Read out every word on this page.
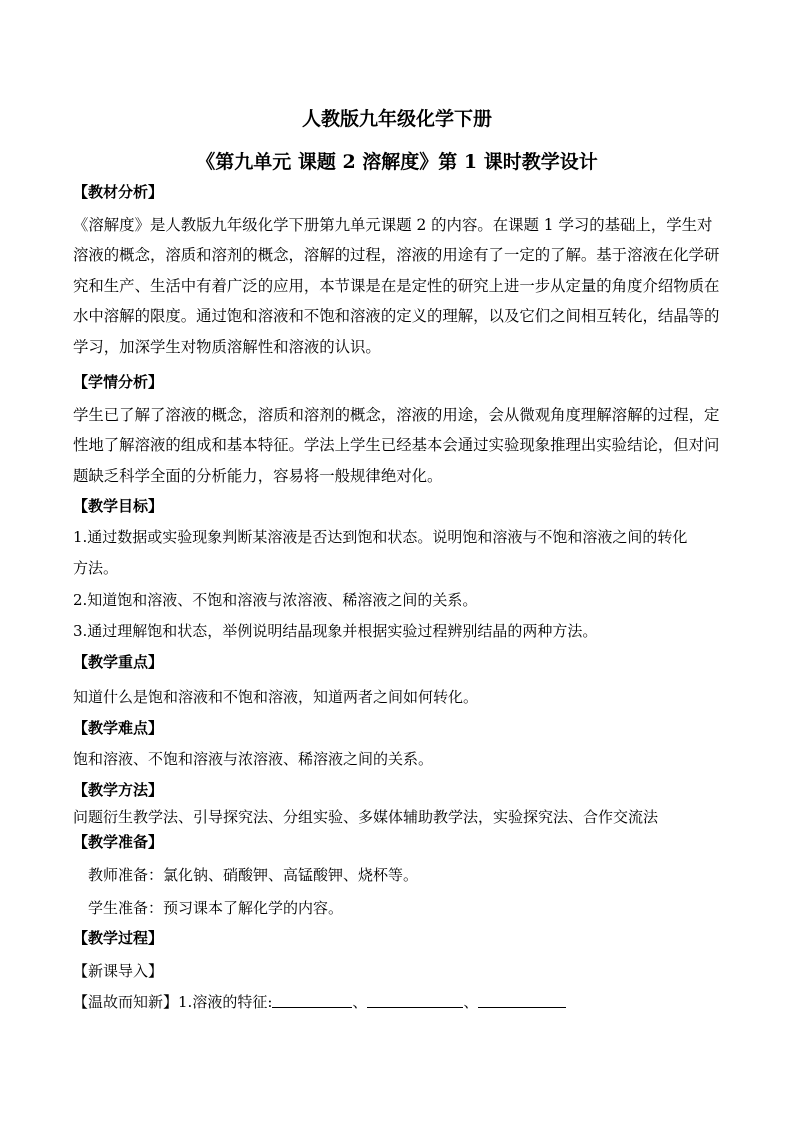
人教版九年级化学下册
《第九单元 课题 2 溶解度》第 1 课时教学设计
【教材分析】

《溶解度》是人教版九年级化学下册第九单元课题 2 的内容。在课题 1 学习的基础上，学生对溶液的概念，溶质和溶剂的概念，溶解的过程，溶液的用途有了一定的了解。基于溶液在化学研究和生产、生活中有着广泛的应用，本节课是在是定性的研究上进一步从定量的角度介绍物质在水中溶解的限度。通过饱和溶液和不饱和溶液的定义的理解，以及它们之间相互转化，结晶等的学习，加深学生对物质溶解性和溶液的认识。

【学情分析】

学生已了解了溶液的概念，溶质和溶剂的概念，溶液的用途，会从微观角度理解溶解的过程，定性地了解溶液的组成和基本特征。学法上学生已经基本会通过实验现象推理出实验结论，但对问题缺乏科学全面的分析能力，容易将一般规律绝对化。

【教学目标】
1.通过数据或实验现象判断某溶液是否达到饱和状态。说明饱和溶液与不饱和溶液之间的转化
方法。
2.知道饱和溶液、不饱和溶液与浓溶液、稀溶液之间的关系。
3.通过理解饱和状态，举例说明结晶现象并根据实验过程辨别结晶的两种方法。
【教学重点】
知道什么是饱和溶液和不饱和溶液，知道两者之间如何转化。
【教学难点】
饱和溶液、不饱和溶液与浓溶液、稀溶液之间的关系。
【教学方法】
问题衍生教学法、引导探究法、分组实验、多媒体辅助教学法，实验探究法、合作交流法
【教学准备】
教师准备：氯化钠、硝酸钾、高锰酸钾、烧杯等。
学生准备：预习课本了解化学的内容。
【教学过程】
【新课导入】
【温故而知新】1.溶液的特征:	、	、
